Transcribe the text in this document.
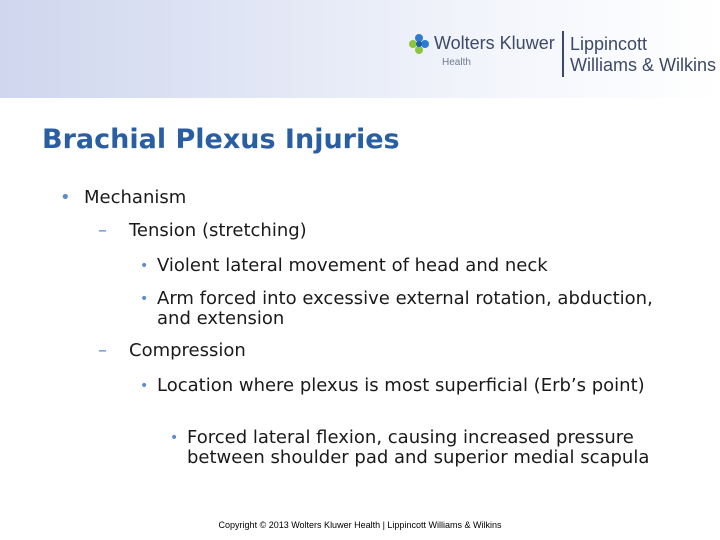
Wolters Kluwer
Health
Lippincott
Williams & Wilkins
Brachial Plexus Injuries
• Mechanism
– Tension (stretching)
• Violent lateral movement of head and neck
• Arm forced into excessive external rotation, abduction, and extension
– Compression
• Location where plexus is most superficial (Erb’s point)
• Forced lateral flexion, causing increased pressure between shoulder pad and superior medial scapula
Copyright © 2013 Wolters Kluwer Health | Lippincott Williams & Wilkins
